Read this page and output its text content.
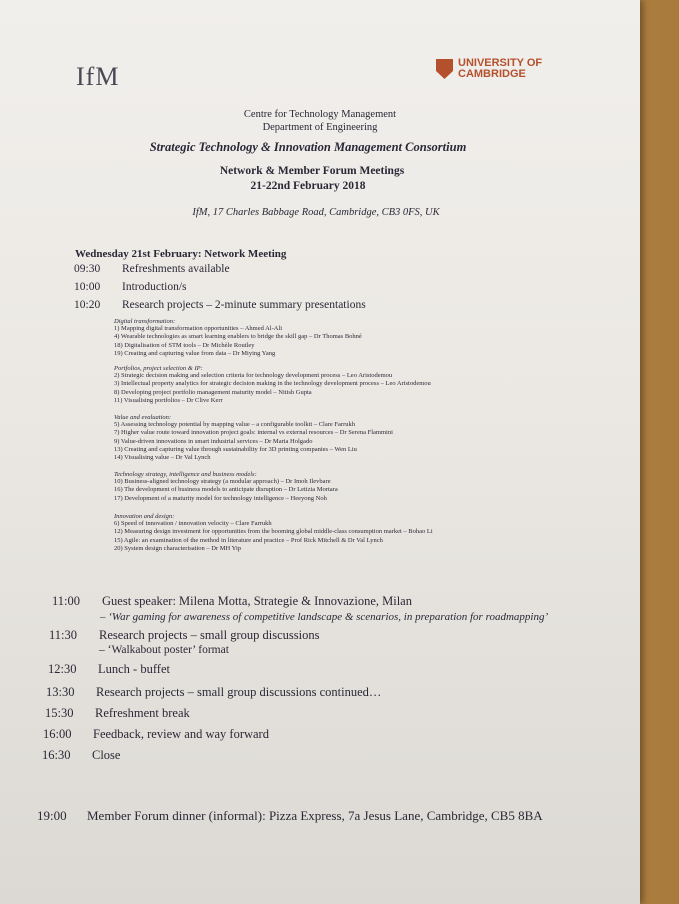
IfM	UNIVERSITY OF
CAMBRIDGE
Centre for Technology Management
Department of Engineering
Strategic Technology & Innovation Management Consortium
Network & Member Forum Meetings
21-22nd February 2018
IfM, 17 Charles Babbage Road, Cambridge, CB3 0FS, UK
Wednesday 21st February: Network Meeting
09:30	Refreshments available
10:00	Introduction/s
10:20	Research projects – 2-minute summary presentations
Digital transformation:
1) Mapping digital transformation opportunities – Ahmed Al-Ali
4) Wearable technologies as smart learning enablers to bridge the skill gap – Dr Thomas Bohné
18) Digitalisation of STM tools – Dr Michèle Routley
19) Creating and capturing value from data – Dr Miying Yang
Portfolios, project selection & IP:
2) Strategic decision making and selection criteria for technology development process – Leo Aristodemou
3) Intellectual property analytics for strategic decision making in the technology development process – Leo Aristodemou
8) Developing project portfolio management maturity model – Nitish Gupta
11) Visualising portfolios – Dr Clive Kerr
Value and evaluation:
5) Assessing technology potential by mapping value – a configurable toolkit – Clare Farrukh
7) Higher value route toward innovation project goals: internal vs external resources – Dr Serena Flammini
9) Value-driven innovations in smart industrial services – Dr Maria Holgado
13) Creating and capturing value through sustainability for 3D printing companies – Wen Liu
14) Visualising value – Dr Val Lynch
Technology strategy, intelligence and business models:
10) Business-aligned technology strategy (a modular approach) – Dr Imoh Ilevbare
16) The development of business models to anticipate disruption – Dr Letizia Mortara
17) Development of a maturity model for technology intelligence – Heeyong Noh
Innovation and design:
6) Speed of innovation / innovation velocity – Clare Farrukh
12) Measuring design investment for opportunities from the booming global middle-class consumption market – Bohao Li
15) Agile: an examination of the method in literature and practice – Prof Rick Mitchell & Dr Val Lynch
20) System design characterisation – Dr MH Yip
11:00 Guest speaker: Milena Motta, Strategie & Innovazione, Milan
– ‘War gaming for awareness of competitive landscape & scenarios, in preparation for roadmapping’
11:30 Research projects – small group discussions
– ‘Walkabout poster’ format
12:30 Lunch - buffet
13:30 Research projects – small group discussions continued…
15:30 Refreshment break
16:00 Feedback, review and way forward
16:30 Close
19:00 Member Forum dinner (informal): Pizza Express, 7a Jesus Lane, Cambridge, CB5 8BA
